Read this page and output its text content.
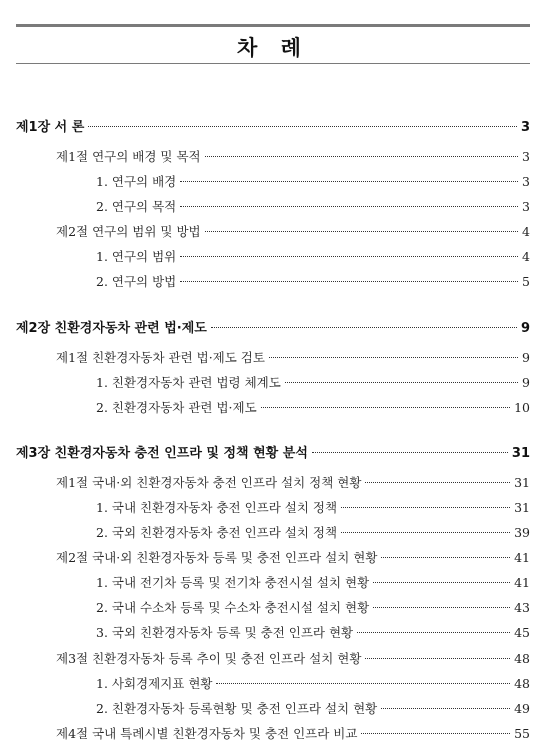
차 례
제1장 서 론	3
제1절 연구의 배경 및 목적	3
1. 연구의 배경	3
2. 연구의 목적	3
제2절 연구의 범위 및 방법	4
1. 연구의 범위	4
2. 연구의 방법	5
제2장 친환경자동차 관련 법·제도	9
제1절 친환경자동차 관련 법·제도 검토	9
1. 친환경자동차 관련 법령 체계도	9
2. 친환경자동차 관련 법·제도	10
제3장 친환경자동차 충전 인프라 및 정책 현황 분석	31
제1절 국내·외 친환경자동차 충전 인프라 설치 정책 현황	31
1. 국내 친환경자동차 충전 인프라 설치 정책	31
2. 국외 친환경자동차 충전 인프라 설치 정책	39
제2절 국내·외 친환경자동차 등록 및 충전 인프라 설치 현황	41
1. 국내 전기차 등록 및 전기차 충전시설 설치 현황	41
2. 국내 수소차 등록 및 수소차 충전시설 설치 현황	43
3. 국외 친환경자동차 등록 및 충전 인프라 현황	45
제3절 친환경자동차 등록 추이 및 충전 인프라 설치 현황	48
1. 사회경제지표 현황	48
2. 친환경자동차 등록현황 및 충전 인프라 설치 현황	49
제4절 국내 특례시별 친환경자동차 및 충전 인프라 비교	55
